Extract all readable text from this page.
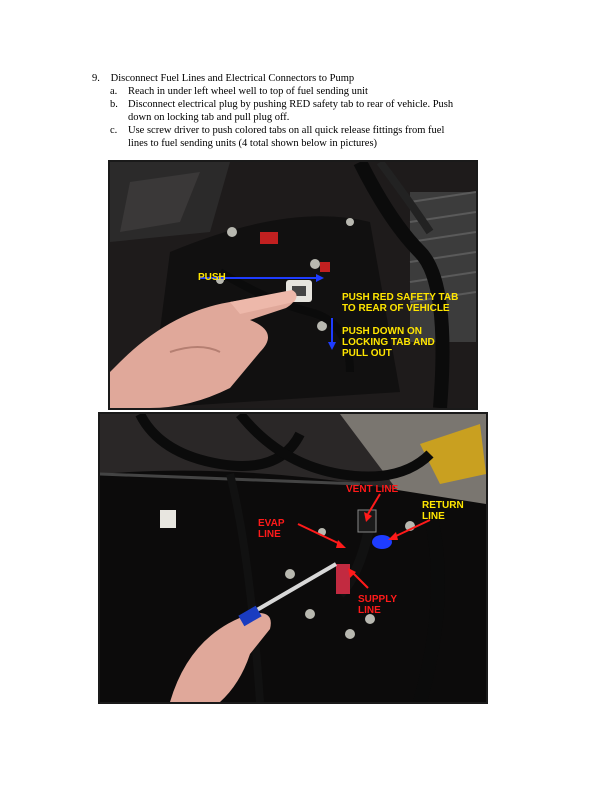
9. Disconnect Fuel Lines and Electrical Connectors to Pump
a. Reach in under left wheel well to top of fuel sending unit
b. Disconnect electrical plug by pushing RED safety tab to rear of vehicle. Push
down on locking tab and pull plug off.
c. Use screw driver to push colored tabs on all quick release fittings from fuel
lines to fuel sending units (4 total shown below in pictures)
PUSH
PUSH RED SAFETY TAB
TO REAR OF VEHICLE
PUSH DOWN ON
LOCKING TAB AND
PULL OUT
VENT LINE
RETURN
LINE
EVAP
LINE
SUPPLY
LINE
